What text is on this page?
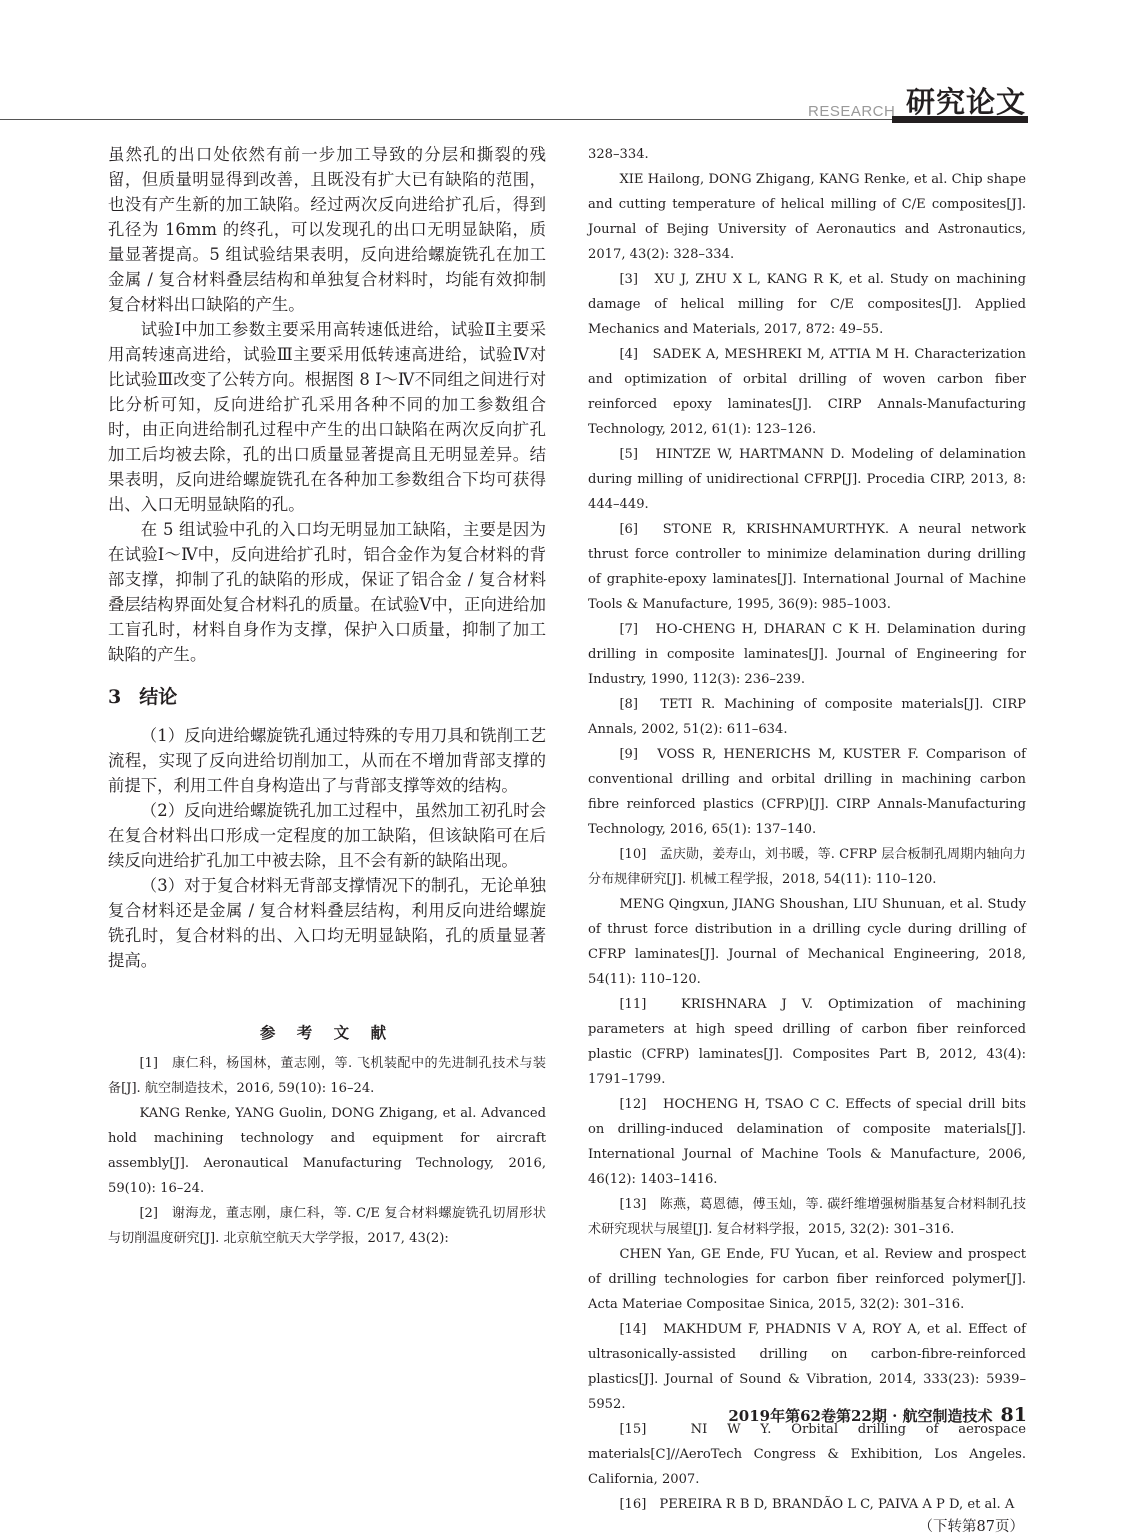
RESEARCH 研究论文

虽然孔的出口处依然有前一步加工导致的分层和撕裂的残留，但质量明显得到改善，且既没有扩大已有缺陷的范围，也没有产生新的加工缺陷。经过两次反向进给扩孔后，得到孔径为 16mm 的终孔，可以发现孔的出口无明显缺陷，质量显著提高。5 组试验结果表明，反向进给螺旋铣孔在加工金属 / 复合材料叠层结构和单独复合材料时，均能有效抑制复合材料出口缺陷的产生。

试验Ⅰ中加工参数主要采用高转速低进给，试验Ⅱ主要采用高转速高进给，试验Ⅲ主要采用低转速高进给，试验Ⅳ对比试验Ⅲ改变了公转方向。根据图 8 Ⅰ～Ⅳ不同组之间进行对比分析可知，反向进给扩孔采用各种不同的加工参数组合时，由正向进给制孔过程中产生的出口缺陷在两次反向扩孔加工后均被去除，孔的出口质量显著提高且无明显差异。结果表明，反向进给螺旋铣孔在各种加工参数组合下均可获得出、入口无明显缺陷的孔。

在 5 组试验中孔的入口均无明显加工缺陷，主要是因为在试验Ⅰ～Ⅳ中，反向进给扩孔时，铝合金作为复合材料的背部支撑，抑制了孔的缺陷的形成，保证了铝合金 / 复合材料叠层结构界面处复合材料孔的质量。在试验Ⅴ中，正向进给加工盲孔时，材料自身作为支撑，保护入口质量，抑制了加工缺陷的产生。

3 结论

（1）反向进给螺旋铣孔通过特殊的专用刀具和铣削工艺流程，实现了反向进给切削加工，从而在不增加背部支撑的前提下，利用工件自身构造出了与背部支撑等效的结构。

（2）反向进给螺旋铣孔加工过程中，虽然加工初孔时会在复合材料出口形成一定程度的加工缺陷，但该缺陷可在后续反向进给扩孔加工中被去除，且不会有新的缺陷出现。

（3）对于复合材料无背部支撑情况下的制孔，无论单独复合材料还是金属 / 复合材料叠层结构，利用反向进给螺旋铣孔时，复合材料的出、入口均无明显缺陷，孔的质量显著提高。

参 考 文 献

[1]　康仁科，杨国林，董志刚，等. 飞机装配中的先进制孔技术与装备[J]. 航空制造技术，2016, 59(10): 16–24.

KANG Renke, YANG Guolin, DONG Zhigang, et al. Advanced hold machining technology and equipment for aircraft assembly[J]. Aeronautical Manufacturing Technology, 2016, 59(10): 16–24.

[2]　谢海龙，董志刚，康仁科，等. C/E 复合材料螺旋铣孔切屑形状与切削温度研究[J]. 北京航空航天大学学报，2017, 43(2):

328–334.

XIE Hailong, DONG Zhigang, KANG Renke, et al. Chip shape and cutting temperature of helical milling of C/E composites[J]. Journal of Bejing University of Aeronautics and Astronautics, 2017, 43(2): 328–334.

[3]　XU J, ZHU X L, KANG R K, et al. Study on machining damage of helical milling for C/E composites[J]. Applied Mechanics and Materials, 2017, 872: 49–55.

[4]　SADEK A, MESHREKI M, ATTIA M H. Characterization and optimization of orbital drilling of woven carbon fiber reinforced epoxy laminates[J]. CIRP Annals-Manufacturing Technology, 2012, 61(1): 123–126.

[5]　HINTZE W, HARTMANN D. Modeling of delamination during milling of unidirectional CFRP[J]. Procedia CIRP, 2013, 8: 444–449.

[6]　STONE R, KRISHNAMURTHYK. A neural network thrust force controller to minimize delamination during drilling of graphite-epoxy laminates[J]. International Journal of Machine Tools & Manufacture, 1995, 36(9): 985–1003.

[7]　HO-CHENG H, DHARAN C K H. Delamination during drilling in composite laminates[J]. Journal of Engineering for Industry, 1990, 112(3): 236–239.

[8]　TETI R. Machining of composite materials[J]. CIRP Annals, 2002, 51(2): 611–634.

[9]　VOSS R, HENERICHS M, KUSTER F. Comparison of conventional drilling and orbital drilling in machining carbon fibre reinforced plastics (CFRP)[J]. CIRP Annals-Manufacturing Technology, 2016, 65(1): 137–140.

[10]　孟庆勋，姜寿山，刘书暖，等. CFRP 层合板制孔周期内轴向力分布规律研究[J]. 机械工程学报，2018, 54(11): 110–120.

MENG Qingxun, JIANG Shoushan, LIU Shunuan, et al. Study of thrust force distribution in a drilling cycle during drilling of CFRP laminates[J]. Journal of Mechanical Engineering, 2018, 54(11): 110–120.

[11]　KRISHNARA J V. Optimization of machining parameters at high speed drilling of carbon fiber reinforced plastic (CFRP) laminates[J]. Composites Part B, 2012, 43(4): 1791–1799.

[12]　HOCHENG H, TSAO C C. Effects of special drill bits on drilling-induced delamination of composite materials[J]. International Journal of Machine Tools & Manufacture, 2006, 46(12): 1403–1416.

[13]　陈燕，葛恩德，傅玉灿，等. 碳纤维增强树脂基复合材料制孔技术研究现状与展望[J]. 复合材料学报，2015, 32(2): 301–316.

CHEN Yan, GE Ende, FU Yucan, et al. Review and prospect of drilling technologies for carbon fiber reinforced polymer[J]. Acta Materiae Compositae Sinica, 2015, 32(2): 301–316.

[14]　MAKHDUM F, PHADNIS V A, ROY A, et al. Effect of ultrasonically-assisted drilling on carbon-fibre-reinforced plastics[J]. Journal of Sound & Vibration, 2014, 333(23): 5939–5952.

[15]　NI W Y. Orbital drilling of aerospace materials[C]//AeroTech Congress & Exhibition, Los Angeles. California, 2007.

[16]　PEREIRA R B D, BRANDÃO L C, PAIVA A P D, et al. A

（下转第87页）

2019年第62卷第22期 · 航空制造技术 81
